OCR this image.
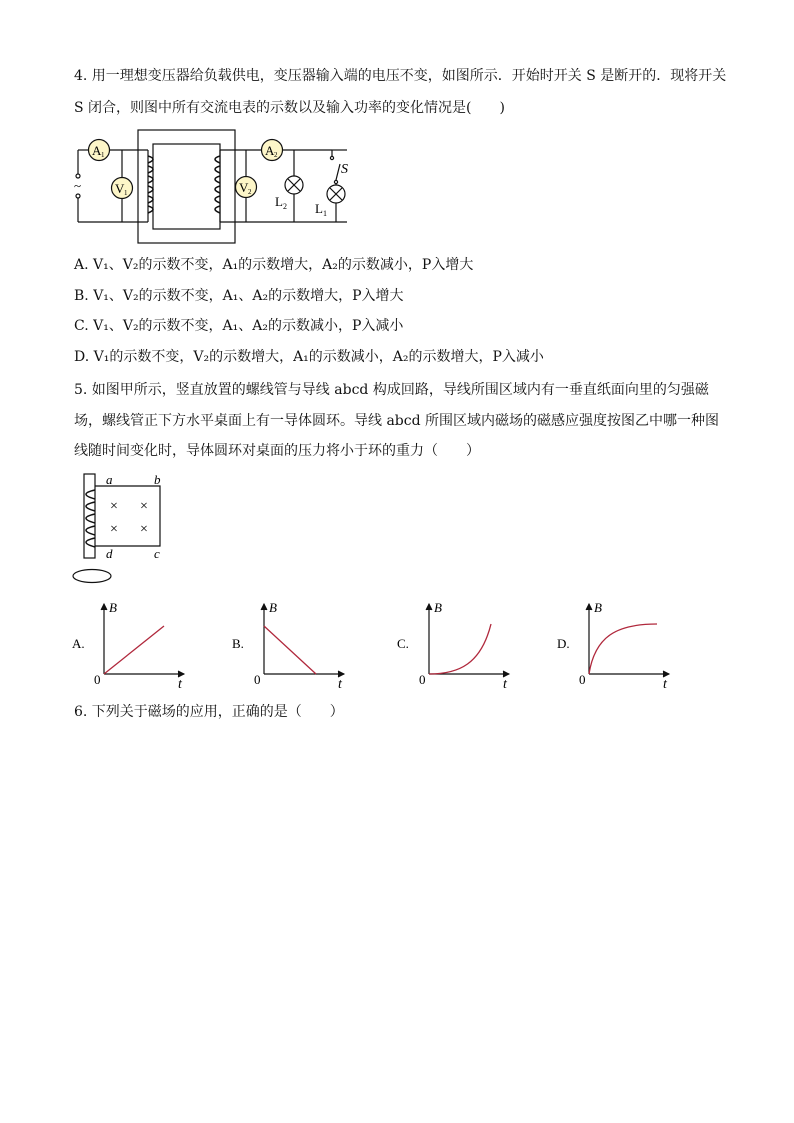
4. 用一理想变压器给负载供电，变压器输入端的电压不变，如图所示．开始时开关 S 是断开的．现将开关
S 闭合，则图中所有交流电表的示数以及输入功率的变化情况是(　　)
A 1
V 1
A 2
V 2
$L_2$ $L_1$
S
~
A. V₁、V₂的示数不变，A₁的示数增大，A₂的示数减小，P入增大
B. V₁、V₂的示数不变，A₁、A₂的示数增大，P入增大
C. V₁、V₂的示数不变，A₁、A₂的示数减小，P入减小
D. V₁的示数不变，V₂的示数增大，A₁的示数减小，A₂的示数增大，P入减小
5. 如图甲所示，竖直放置的螺线管与导线 abcd 构成回路，导线所围区域内有一垂直纸面向里的匀强磁
场，螺线管正下方水平桌面上有一导体圆环。导线 abcd 所围区域内磁场的磁感应强度按图乙中哪一种图
线随时间变化时，导体圆环对桌面的压力将小于环的重力（　　）
a	b
c
d
× ×
× ×
A.
B
t
0
B.
B
t
0
C.
B
t
0
D.
B
t
0
6. 下列关于磁场的应用，正确的是（　　）
